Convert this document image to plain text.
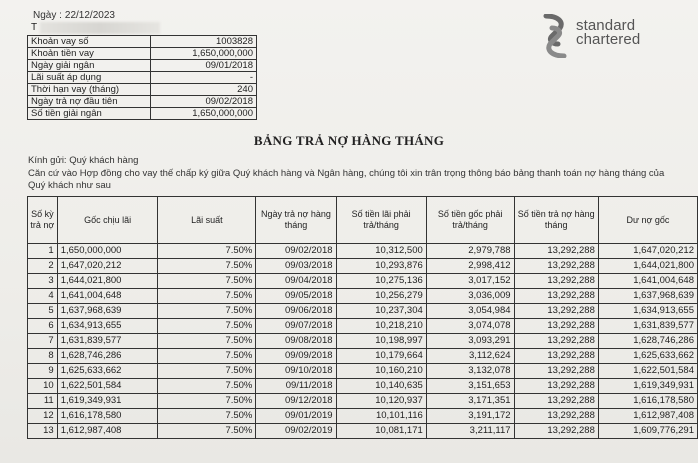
Ngày : 22/12/2023
T
Khoản vay số	1003828
Khoản tiền vay	1,650,000,000
Ngày giải ngân	09/01/2018
Lãi suất áp dụng	-
Thời hạn vay (tháng)	240
Ngày trả nợ đầu tiên	09/02/2018
Số tiền giải ngân	1,650,000,000
standard
chartered
BẢNG TRẢ NỢ HÀNG THÁNG
Kính gửi: Quý khách hàng
Căn cứ vào Hợp đồng cho vay thế chấp ký giữa Quý khách hàng và Ngân hàng, chúng tôi xin trân trọng thông báo bảng thanh toán nợ hàng tháng của Quý khách như sau
Số kỳ trả nợ	Gốc chịu lãi	Lãi suất	Ngày trả nợ hàng tháng	Số tiền lãi phải trả/tháng	Số tiền gốc phải trả/tháng	Số tiền trả nợ hàng tháng	Dư nợ gốc
1	1,650,000,000	7.50%	09/02/2018	10,312,500	2,979,788	13,292,288	1,647,020,212
2	1,647,020,212	7.50%	09/03/2018	10,293,876	2,998,412	13,292,288	1,644,021,800
3	1,644,021,800	7.50%	09/04/2018	10,275,136	3,017,152	13,292,288	1,641,004,648
4	1,641,004,648	7.50%	09/05/2018	10,256,279	3,036,009	13,292,288	1,637,968,639
5	1,637,968,639	7.50%	09/06/2018	10,237,304	3,054,984	13,292,288	1,634,913,655
6	1,634,913,655	7.50%	09/07/2018	10,218,210	3,074,078	13,292,288	1,631,839,577
7	1,631,839,577	7.50%	09/08/2018	10,198,997	3,093,291	13,292,288	1,628,746,286
8	1,628,746,286	7.50%	09/09/2018	10,179,664	3,112,624	13,292,288	1,625,633,662
9	1,625,633,662	7.50%	09/10/2018	10,160,210	3,132,078	13,292,288	1,622,501,584
10	1,622,501,584	7.50%	09/11/2018	10,140,635	3,151,653	13,292,288	1,619,349,931
11	1,619,349,931	7.50%	09/12/2018	10,120,937	3,171,351	13,292,288	1,616,178,580
12	1,616,178,580	7.50%	09/01/2019	10,101,116	3,191,172	13,292,288	1,612,987,408
13	1,612,987,408	7.50%	09/02/2019	10,081,171	3,211,117	13,292,288	1,609,776,291
